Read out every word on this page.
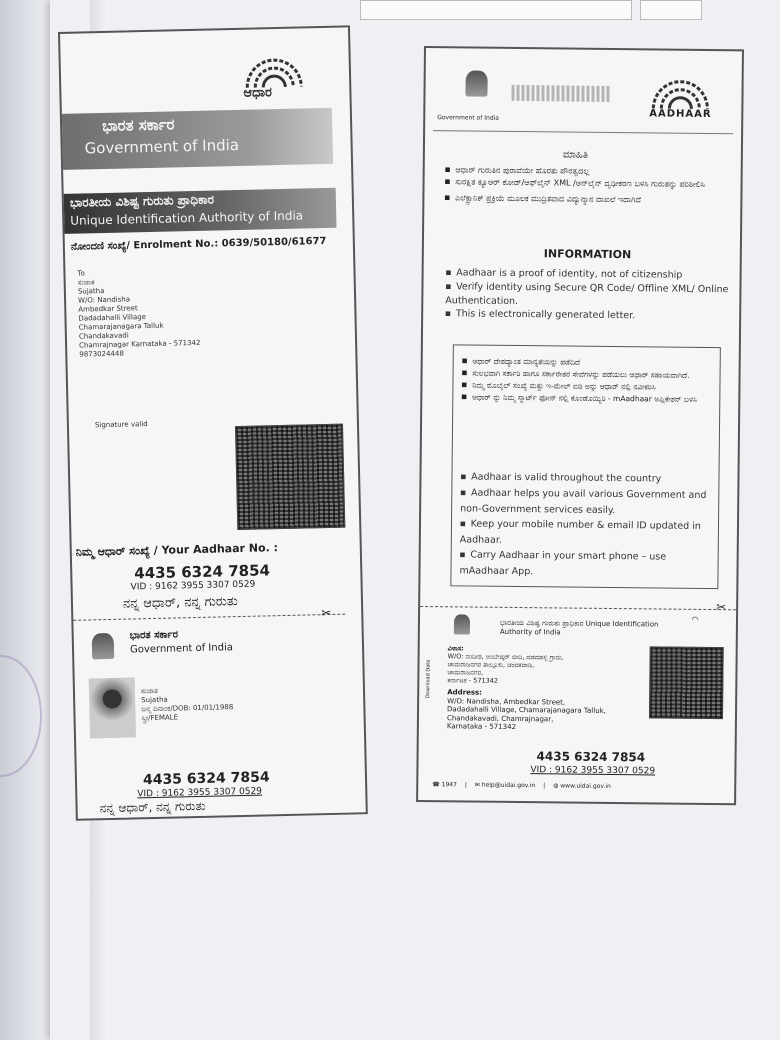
ಆಧಾರ
ಭಾರತ ಸರ್ಕಾರ
Government of India
ಭಾರತೀಯ ವಿಶಿಷ್ಟ ಗುರುತು ಪ್ರಾಧಿಕಾರ
Unique Identification Authority of India
ನೋಂದಣಿ ಸಂಖ್ಯೆ/ Enrolment No.: 0639/50180/61677
To
ಸುಜಾತ
Sujatha
W/O: Nandisha
Ambedkar Street
Dadadahalli Village
Chamarajanagara Talluk
Chandakavadi
Chamrajnagar Karnataka - 571342
9873024448
Signature valid
ನಿಮ್ಮ ಆಧಾರ್ ಸಂಖ್ಯೆ / Your Aadhaar No. :
4435 6324 7854
VID : 9162 3955 3307 0529
ನನ್ನ ಆಧಾರ್, ನನ್ನ ಗುರುತು
✂
ಭಾರತ ಸರ್ಕಾರ
Government of India
ಸುಜಾತ
Sujatha
ಜನ್ಮ ದಿನಾಂಕ/DOB: 01/01/1988
ಸ್ತ್ರೀ/FEMALE
4435 6324 7854
VID : 9162 3955 3307 0529
ನನ್ನ ಆಧಾರ್, ನನ್ನ ಗುರುತು
Government of India	AADHAAR
ಮಾಹಿತಿ
■ ಆಧಾರ್ ಗುರುತಿನ ಪುರಾವೆಯೇ ಹೊರತು ಪೌರತ್ವದಲ್ಲ
■ ಸುರಕ್ಷಿತ ಕ್ಯೂಆರ್ ಕೋಡ್/ಆಫ್‌ಲೈನ್ XML /ಆನ್‌ಲೈನ್ ದೃಢೀಕರಣ ಬಳಸಿ ಗುರುತನ್ನು ಪರಿಶೀಲಿಸಿ
■ ಎಲೆಕ್ಟ್ರಾನಿಕ್ ಪ್ರಕ್ರಿಯೆ ಮೂಲಕ ಮುದ್ರಿತವಾದ ವಿದ್ಯುನ್ಮಾನ ದಾಖಲೆ ಇದಾಗಿದೆ
INFORMATION
■ Aadhaar is a proof of identity, not of citizenship
■ Verify identity using Secure QR Code/ Offline XML/ Online Authentication.
■ This is electronically generated letter.
■ ಆಧಾರ್ ದೇಶದ್ಯಾಂತ ಮಾನ್ಯತೆಯನ್ನು ಪಡೆದಿದೆ
■ ಸುಲಭವಾಗಿ ಸರ್ಕಾರಿ ಹಾಗೂ ಸರ್ಕಾರೇತರ ಸೇವೆಗಳನ್ನು ಪಡೆಯಲು ಆಧಾರ್ ಸಹಾಯವಾಗಿದೆ.
■ ನಿಮ್ಮ ಮೊಬೈಲ್ ಸಂಖ್ಯೆ ಮತ್ತು ಇ-ಮೇಲ್ ಐಡಿ ಅನ್ನು ಆಧಾರ್ ನಲ್ಲಿ ನವೀಕರಿಸಿ
■ ಆಧಾರ್ ನ್ನು ನಿಮ್ಮ ಸ್ಮಾರ್ಟ್ ಫೋನ್ ನಲ್ಲಿ ಕೊಂಡೊಯ್ಯಿರಿ - mAadhaar ಅಪ್ಲಿಕೇಶನ್ ಬಳಸಿ
■ Aadhaar is valid throughout the country
■ Aadhaar helps you avail various Government and non-Government services easily.
■ Keep your mobile number & email ID updated in Aadhaar.
■ Carry Aadhaar in your smart phone – use mAadhaar App.
✂
ಭಾರತೀಯ ವಿಶಿಷ್ಟ ಗುರುತು ಪ್ರಾಧಿಕಾರ Unique Identification Authority of India
◠
ವಿಳಾಸ:
W/O: ನಂದೀಶ, ಅಂಬೇಡ್ಕರ್ ಬೀದಿ, ದಡದಹಳ್ಳಿ ಗ್ರಾಮ,
ಚಾಮರಾಜನಗರ ತಾಲ್ಲೂಕು, ಚಂದಕವಾಡಿ,
ಚಾಮರಾಜನಗರ,
ಕರ್ನಾಟಕ - 571342
Address:
W/O: Nandisha, Ambedkar Street,
Dadadahalli Village, Chamarajanagara Talluk,
Chandakavadi, Chamrajnagar,
Karnataka - 571342
Download Date
4435 6324 7854
VID : 9162 3955 3307 0529
☎ 1947 | ✉ help@uidai.gov.in | ◍ www.uidai.gov.in
